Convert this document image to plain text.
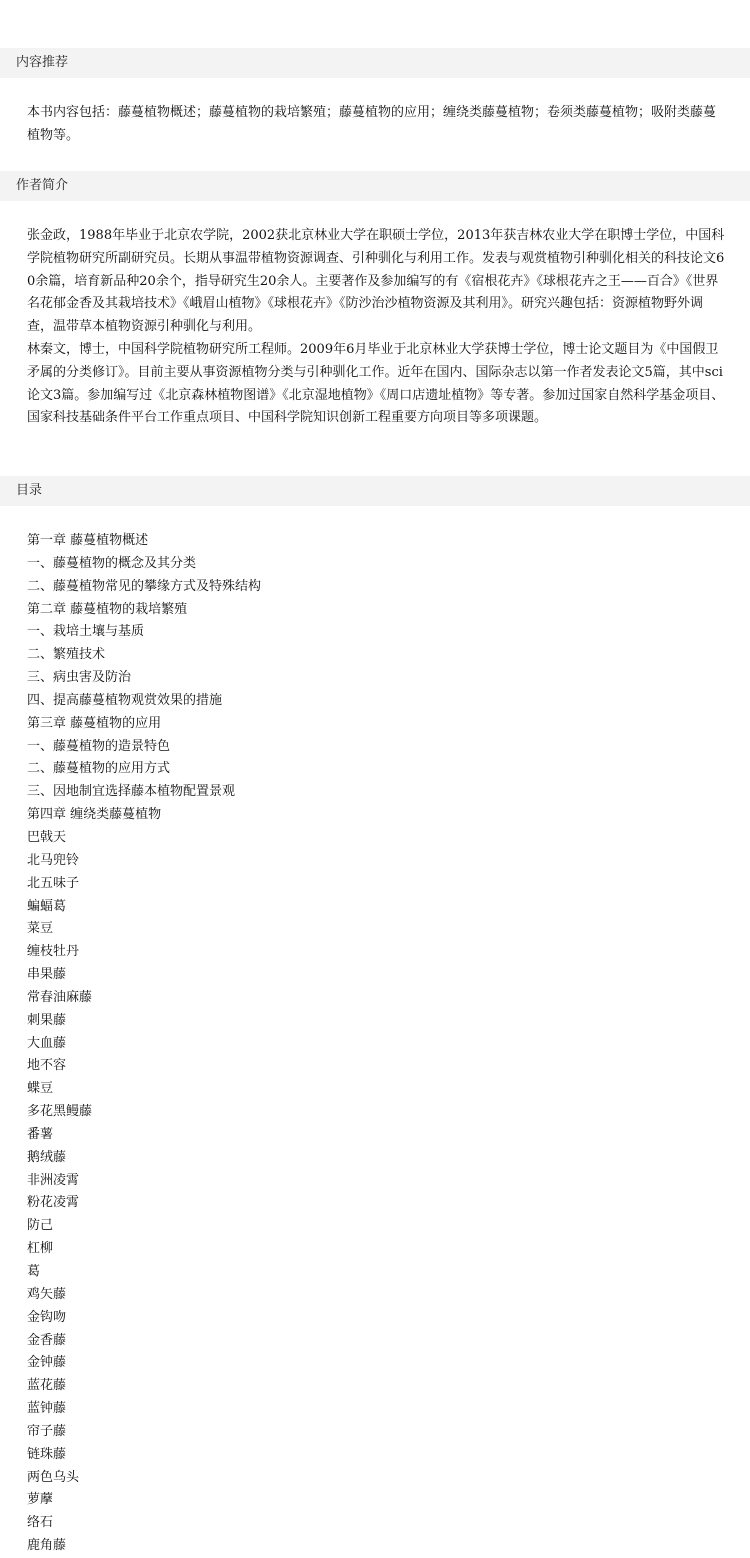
内容推荐

本书内容包括：藤蔓植物概述；藤蔓植物的栽培繁殖；藤蔓植物的应用；缠绕类藤蔓植物；卷须类藤蔓植物；吸附类藤蔓植物等。

作者简介

张金政，1988年毕业于北京农学院，2002获北京林业大学在职硕士学位，2013年获吉林农业大学在职博士学位，中国科学院植物研究所副研究员。长期从事温带植物资源调查、引种驯化与利用工作。发表与观赏植物引种驯化相关的科技论文60余篇，培育新品种20余个，指导研究生20余人。主要著作及参加编写的有《宿根花卉》《球根花卉之王——百合》《世界名花郁金香及其栽培技术》《峨眉山植物》《球根花卉》《防沙治沙植物资源及其利用》。研究兴趣包括：资源植物野外调查，温带草本植物资源引种驯化与利用。

林秦文，博士，中国科学院植物研究所工程师。2009年6月毕业于北京林业大学获博士学位，博士论文题目为《中国假卫矛属的分类修订》。目前主要从事资源植物分类与引种驯化工作。近年在国内、国际杂志以第一作者发表论文5篇，其中sci论文3篇。参加编写过《北京森林植物图谱》《北京湿地植物》《周口店遗址植物》等专著。参加过国家自然科学基金项目、国家科技基础条件平台工作重点项目、中国科学院知识创新工程重要方向项目等多项课题。

目录
第一章 藤蔓植物概述
一、藤蔓植物的概念及其分类
二、藤蔓植物常见的攀缘方式及特殊结构
第二章 藤蔓植物的栽培繁殖
一、栽培土壤与基质
二、繁殖技术
三、病虫害及防治
四、提高藤蔓植物观赏效果的措施
第三章 藤蔓植物的应用
一、藤蔓植物的造景特色
二、藤蔓植物的应用方式
三、因地制宜选择藤本植物配置景观
第四章 缠绕类藤蔓植物
巴戟天
北马兜铃
北五味子
蝙蝠葛
菜豆
缠枝牡丹
串果藤
常春油麻藤
刺果藤
大血藤
地不容
蝶豆
多花黑鳗藤
番薯
鹅绒藤
非洲凌霄
粉花凌霄
防己
杠柳
葛
鸡矢藤
金钩吻
金香藤
金钟藤
蓝花藤
蓝钟藤
帘子藤
链珠藤
两色乌头
萝藦
络石
鹿角藤
